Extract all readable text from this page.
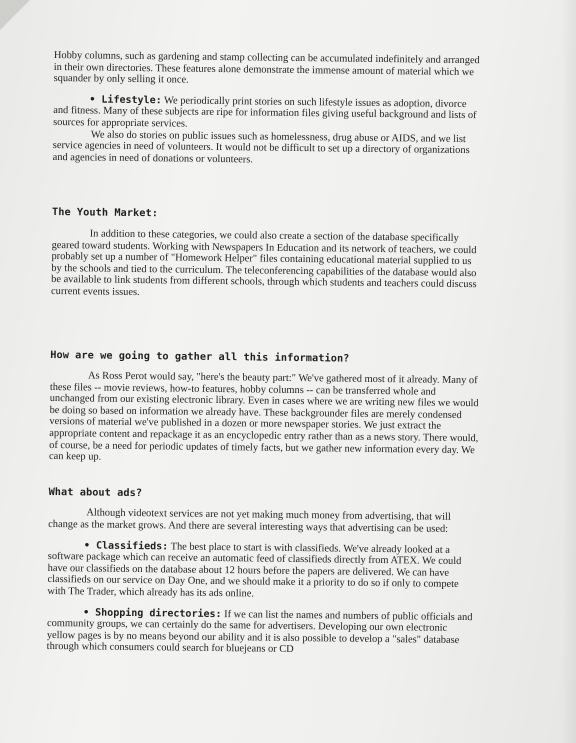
Hobby columns, such as gardening and stamp collecting can be accumulated indefinitely and arranged in their own directories. These features alone demonstrate the immense amount of material which we squander by only selling it once.

• Lifestyle: We periodically print stories on such lifestyle issues as adoption, divorce and fitness. Many of these subjects are ripe for information files giving useful background and lists of sources for appropriate services.

We also do stories on public issues such as homelessness, drug abuse or AIDS, and we list service agencies in need of volunteers. It would not be difficult to set up a directory of organizations and agencies in need of donations or volunteers.

The Youth Market:

In addition to these categories, we could also create a section of the database specifically geared toward students. Working with Newspapers In Education and its network of teachers, we could probably set up a number of "Homework Helper" files containing educational material supplied to us by the schools and tied to the curriculum. The teleconferencing capabilities of the database would also be available to link students from different schools, through which students and teachers could discuss current events issues.

How are we going to gather all this information?

As Ross Perot would say, "here's the beauty part:" We've gathered most of it already. Many of these files -- movie reviews, how-to features, hobby columns -- can be transferred whole and unchanged from our existing electronic library. Even in cases where we are writing new files we would be doing so based on information we already have. These backgrounder files are merely condensed versions of material we've published in a dozen or more newspaper stories. We just extract the appropriate content and repackage it as an encyclopedic entry rather than as a news story. There would, of course, be a need for periodic updates of timely facts, but we gather new information every day. We can keep up.

What about ads?

Although videotext services are not yet making much money from advertising, that will change as the market grows. And there are several interesting ways that advertising can be used:

• Classifieds: The best place to start is with classifieds. We've already looked at a software package which can receive an automatic feed of classifieds directly from ATEX. We could have our classifieds on the database about 12 hours before the papers are delivered. We can have classifieds on our service on Day One, and we should make it a priority to do so if only to compete with The Trader, which already has its ads online.

• Shopping directories: If we can list the names and numbers of public officials and community groups, we can certainly do the same for advertisers. Developing our own electronic yellow pages is by no means beyond our ability and it is also possible to develop a "sales" database through which consumers could search for bluejeans or CD
